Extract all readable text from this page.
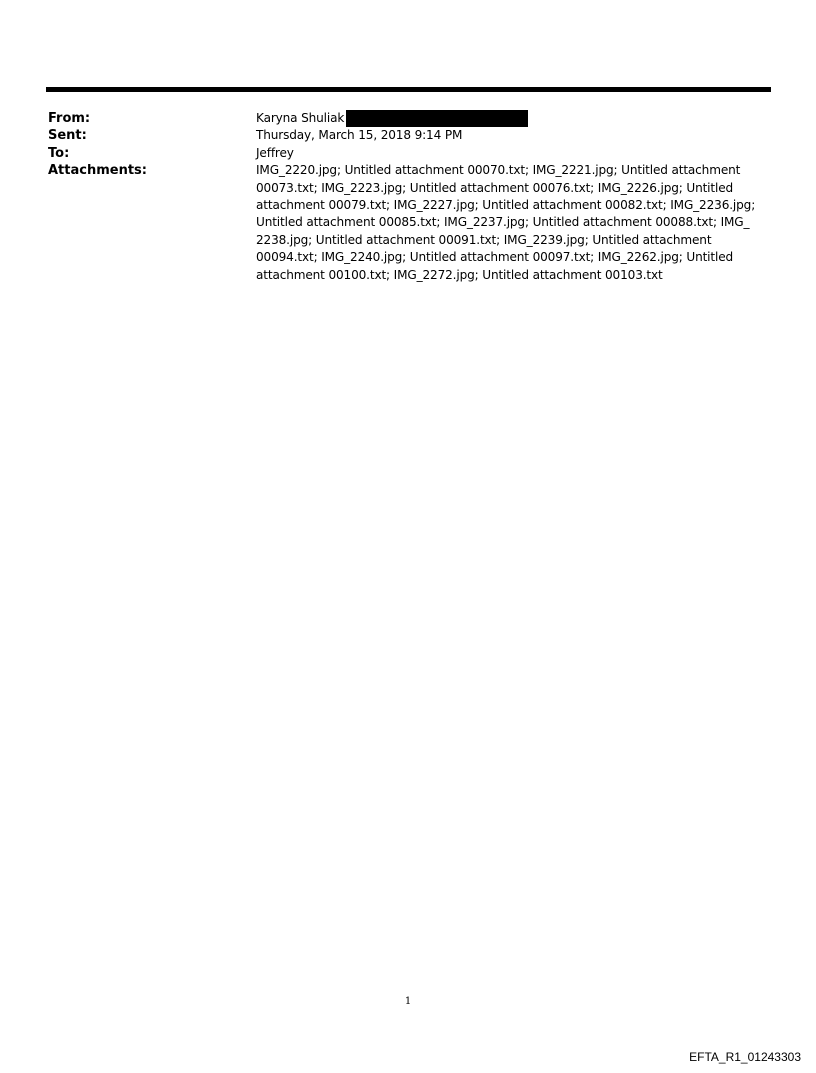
From:	Karyna Shuliak
Sent:	Thursday, March 15, 2018 9:14 PM
To:	Jeffrey
Attachments:	IMG_2220.jpg; Untitled attachment 00070.txt; IMG_2221.jpg; Untitled attachment 00073.txt; IMG_2223.jpg; Untitled attachment 00076.txt; IMG_2226.jpg; Untitled attachment 00079.txt; IMG_2227.jpg; Untitled attachment 00082.txt; IMG_2236.jpg; Untitled attachment 00085.txt; IMG_2237.jpg; Untitled attachment 00088.txt; IMG_ 2238.jpg; Untitled attachment 00091.txt; IMG_2239.jpg; Untitled attachment 00094.txt; IMG_2240.jpg; Untitled attachment 00097.txt; IMG_2262.jpg; Untitled attachment 00100.txt; IMG_2272.jpg; Untitled attachment 00103.txt
1
EFTA_R1_01243303
